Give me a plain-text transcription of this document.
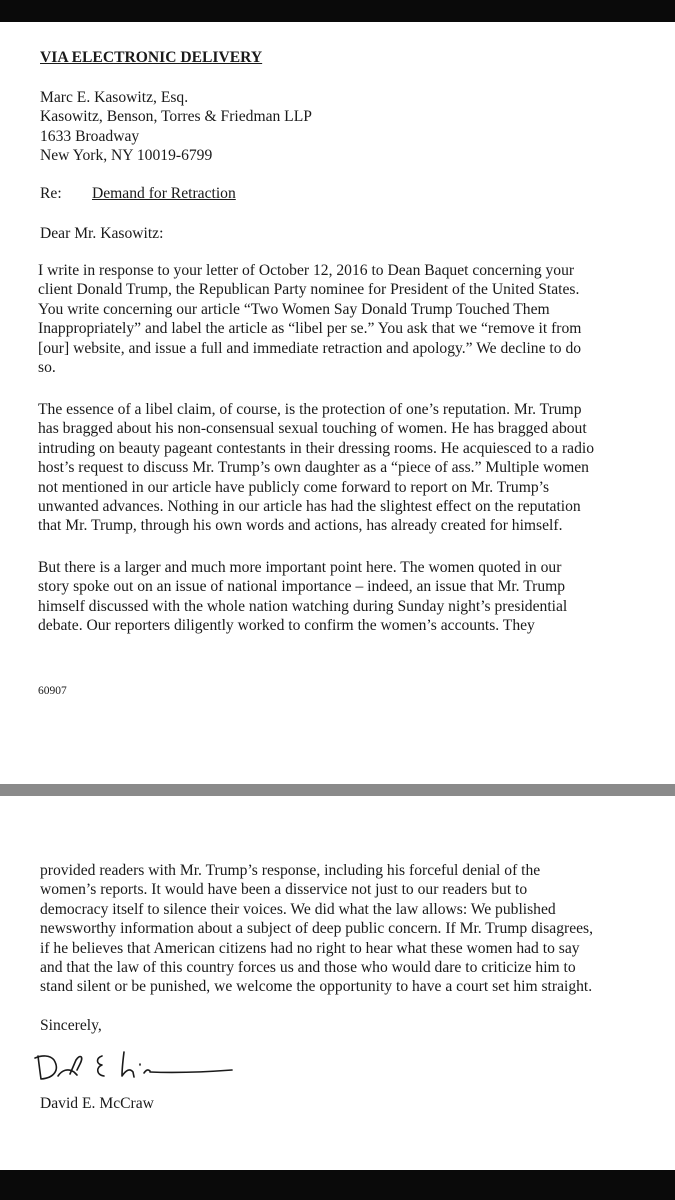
VIA ELECTRONIC DELIVERY
Marc E. Kasowitz, Esq.
Kasowitz, Benson, Torres & Friedman LLP
1633 Broadway
New York, NY 10019-6799
Re: Demand for Retraction
Dear Mr. Kasowitz:
I write in response to your letter of October 12, 2016 to Dean Baquet concerning your
client Donald Trump, the Republican Party nominee for President of the United States.
You write concerning our article “Two Women Say Donald Trump Touched Them
Inappropriately” and label the article as “libel per se.” You ask that we “remove it from
[our] website, and issue a full and immediate retraction and apology.” We decline to do
so.
The essence of a libel claim, of course, is the protection of one’s reputation. Mr. Trump
has bragged about his non-consensual sexual touching of women. He has bragged about
intruding on beauty pageant contestants in their dressing rooms. He acquiesced to a radio
host’s request to discuss Mr. Trump’s own daughter as a “piece of ass.” Multiple women
not mentioned in our article have publicly come forward to report on Mr. Trump’s
unwanted advances. Nothing in our article has had the slightest effect on the reputation
that Mr. Trump, through his own words and actions, has already created for himself.
But there is a larger and much more important point here. The women quoted in our
story spoke out on an issue of national importance – indeed, an issue that Mr. Trump
himself discussed with the whole nation watching during Sunday night’s presidential
debate. Our reporters diligently worked to confirm the women’s accounts. They
60907
provided readers with Mr. Trump’s response, including his forceful denial of the
women’s reports. It would have been a disservice not just to our readers but to
democracy itself to silence their voices. We did what the law allows: We published
newsworthy information about a subject of deep public concern. If Mr. Trump disagrees,
if he believes that American citizens had no right to hear what these women had to say
and that the law of this country forces us and those who would dare to criticize him to
stand silent or be punished, we welcome the opportunity to have a court set him straight.
Sincerely,
David E. McCraw
